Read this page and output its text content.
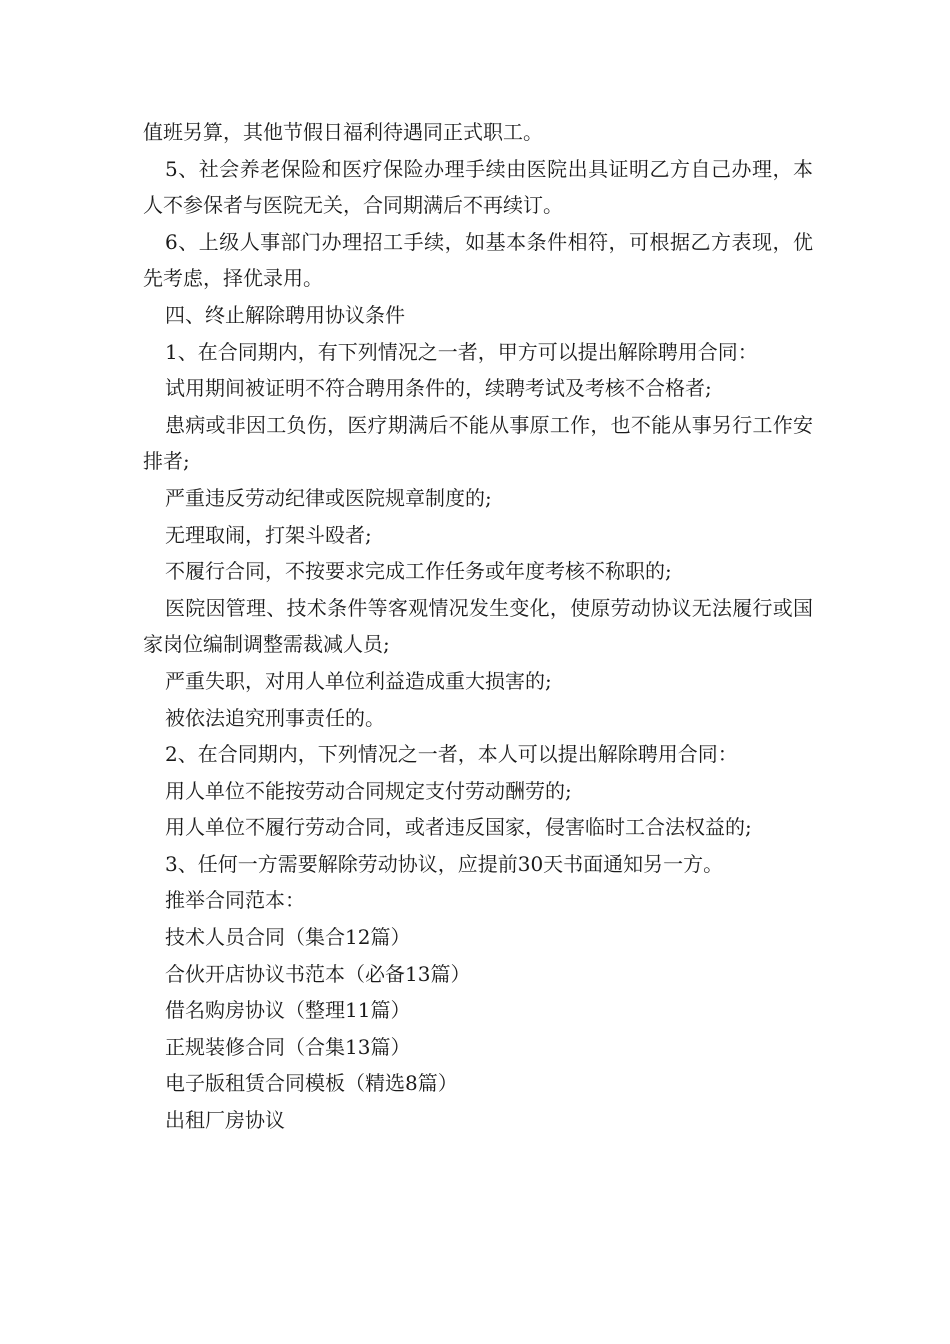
值班另算，其他节假日福利待遇同正式职工。

5、社会养老保险和医疗保险办理手续由医院出具证明乙方自己办理，本人不参保者与医院无关，合同期满后不再续订。

6、上级人事部门办理招工手续，如基本条件相符，可根据乙方表现，优先考虑，择优录用。

四、终止解除聘用协议条件

1、在合同期内，有下列情况之一者，甲方可以提出解除聘用合同：

试用期间被证明不符合聘用条件的，续聘考试及考核不合格者;

患病或非因工负伤，医疗期满后不能从事原工作，也不能从事另行工作安排者;

严重违反劳动纪律或医院规章制度的;

无理取闹，打架斗殴者;

不履行合同，不按要求完成工作任务或年度考核不称职的;

医院因管理、技术条件等客观情况发生变化，使原劳动协议无法履行或国家岗位编制调整需裁减人员;

严重失职，对用人单位利益造成重大损害的;

被依法追究刑事责任的。

2、在合同期内，下列情况之一者，本人可以提出解除聘用合同：

用人单位不能按劳动合同规定支付劳动酬劳的;

用人单位不履行劳动合同，或者违反国家，侵害临时工合法权益的;

3、任何一方需要解除劳动协议，应提前30天书面通知另一方。

推举合同范本：

技术人员合同（集合12篇）

合伙开店协议书范本（必备13篇）

借名购房协议（整理11篇）

正规装修合同（合集13篇）

电子版租赁合同模板（精选8篇）

出租厂房协议
